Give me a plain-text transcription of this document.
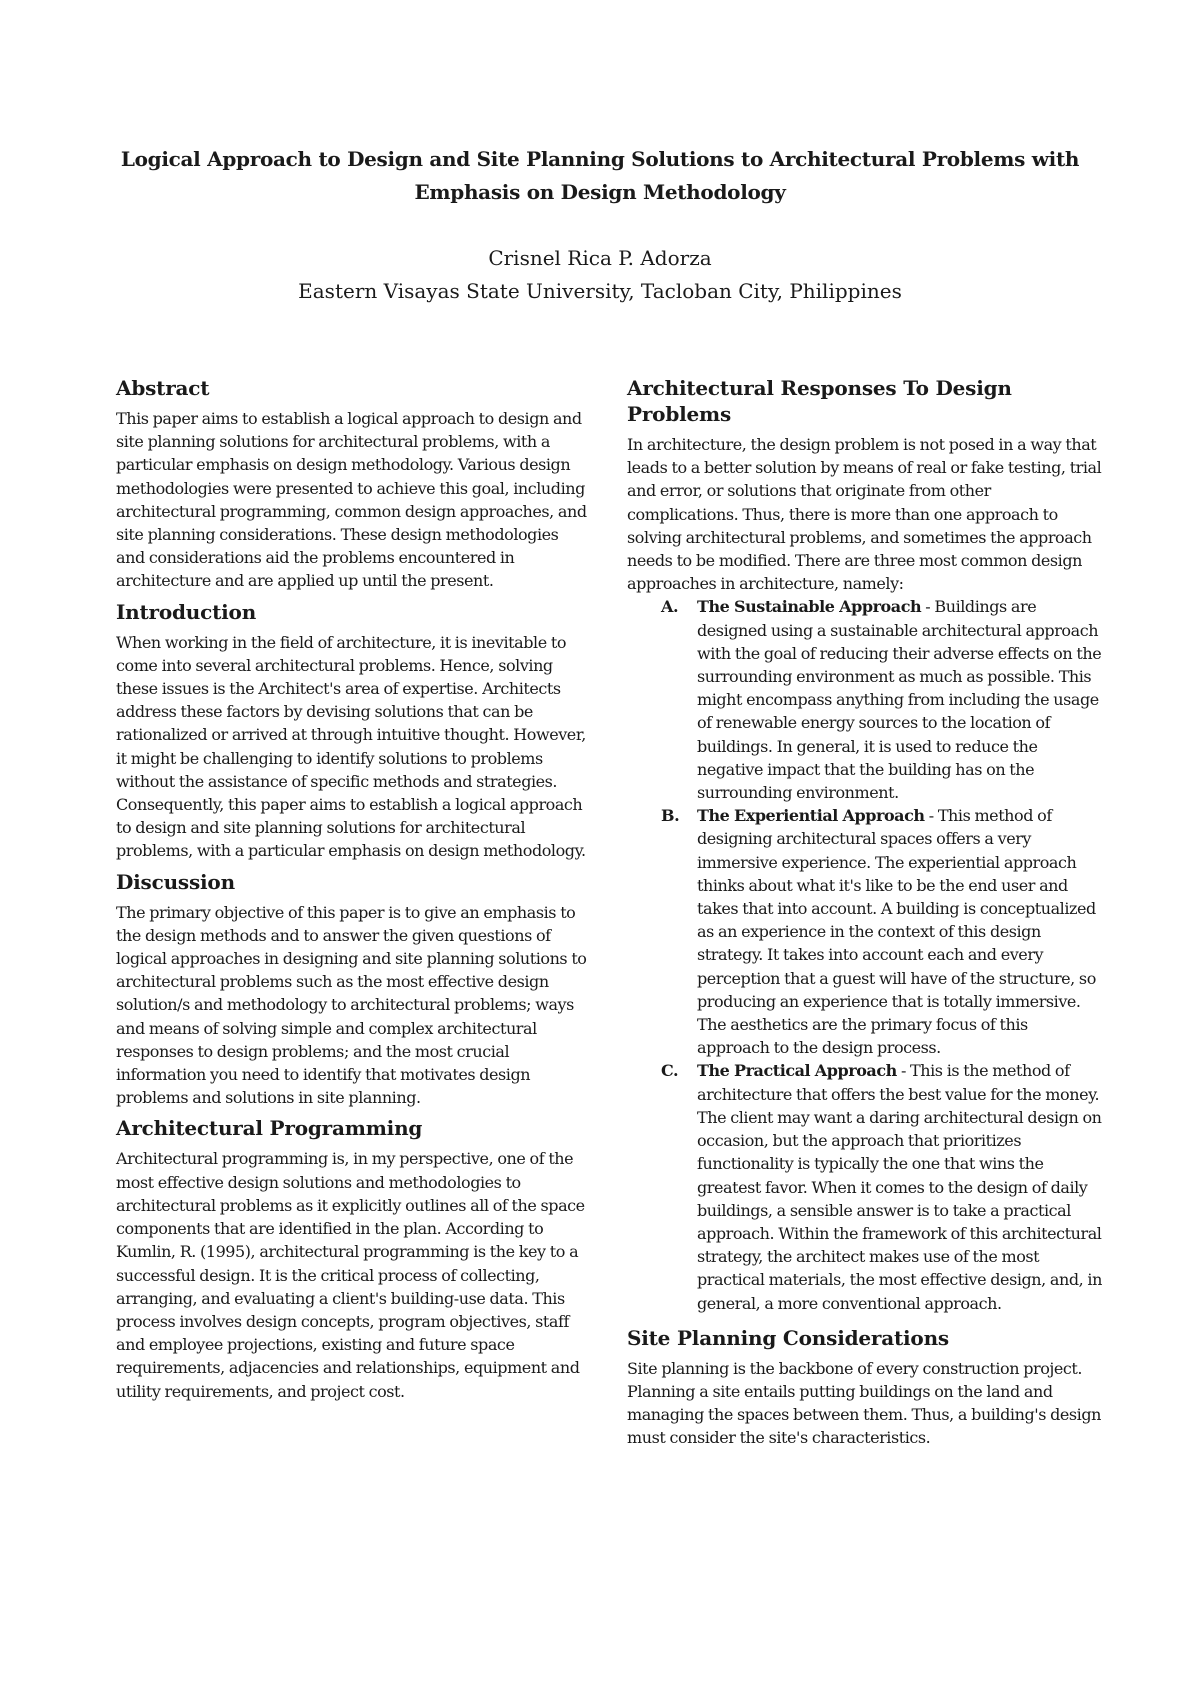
Logical Approach to Design and Site Planning Solutions to Architectural Problems with
Emphasis on Design Methodology
Crisnel Rica P. Adorza
Eastern Visayas State University, Tacloban City, Philippines
Abstract

This paper aims to establish a logical approach to design and site planning solutions for architectural problems, with a particular emphasis on design methodology. Various design methodologies were presented to achieve this goal, including architectural programming, common design approaches, and site planning considerations. These design methodologies and considerations aid the problems encountered in architecture and are applied up until the present.

Introduction

When working in the field of architecture, it is inevitable to come into several architectural problems. Hence, solving these issues is the Architect's area of expertise. Architects address these factors by devising solutions that can be rationalized or arrived at through intuitive thought. However, it might be challenging to identify solutions to problems without the assistance of specific methods and strategies. Consequently, this paper aims to establish a logical approach to design and site planning solutions for architectural problems, with a particular emphasis on design methodology.

Discussion

The primary objective of this paper is to give an emphasis to the design methods and to answer the given questions of logical approaches in designing and site planning solutions to architectural problems such as the most effective design solution/s and methodology to architectural problems; ways and means of solving simple and complex architectural responses to design problems; and the most crucial information you need to identify that motivates design problems and solutions in site planning.

Architectural Programming

Architectural programming is, in my perspective, one of the most effective design solutions and methodologies to architectural problems as it explicitly outlines all of the space components that are identified in the plan. According to Kumlin, R. (1995), architectural programming is the key to a successful design. It is the critical process of collecting, arranging, and evaluating a client's building-use data. This process involves design concepts, program objectives, staff and employee projections, existing and future space requirements, adjacencies and relationships, equipment and utility requirements, and project cost.

Architectural Responses To Design Problems

In architecture, the design problem is not posed in a way that leads to a better solution by means of real or fake testing, trial and error, or solutions that originate from other complications. Thus, there is more than one approach to solving architectural problems, and sometimes the approach needs to be modified. There are three most common design approaches in architecture, namely:

A. The Sustainable Approach - Buildings are designed using a sustainable architectural approach with the goal of reducing their adverse effects on the surrounding environment as much as possible. This might encompass anything from including the usage of renewable energy sources to the location of buildings. In general, it is used to reduce the negative impact that the building has on the surrounding environment.
B. The Experiential Approach - This method of designing architectural spaces offers a very immersive experience. The experiential approach thinks about what it's like to be the end user and takes that into account. A building is conceptualized as an experience in the context of this design strategy. It takes into account each and every perception that a guest will have of the structure, so producing an experience that is totally immersive. The aesthetics are the primary focus of this approach to the design process.
C. The Practical Approach - This is the method of architecture that offers the best value for the money. The client may want a daring architectural design on occasion, but the approach that prioritizes functionality is typically the one that wins the greatest favor. When it comes to the design of daily buildings, a sensible answer is to take a practical approach. Within the framework of this architectural strategy, the architect makes use of the most practical materials, the most effective design, and, in general, a more conventional approach.
Site Planning Considerations

Site planning is the backbone of every construction project. Planning a site entails putting buildings on the land and managing the spaces between them. Thus, a building's design must consider the site's characteristics.
